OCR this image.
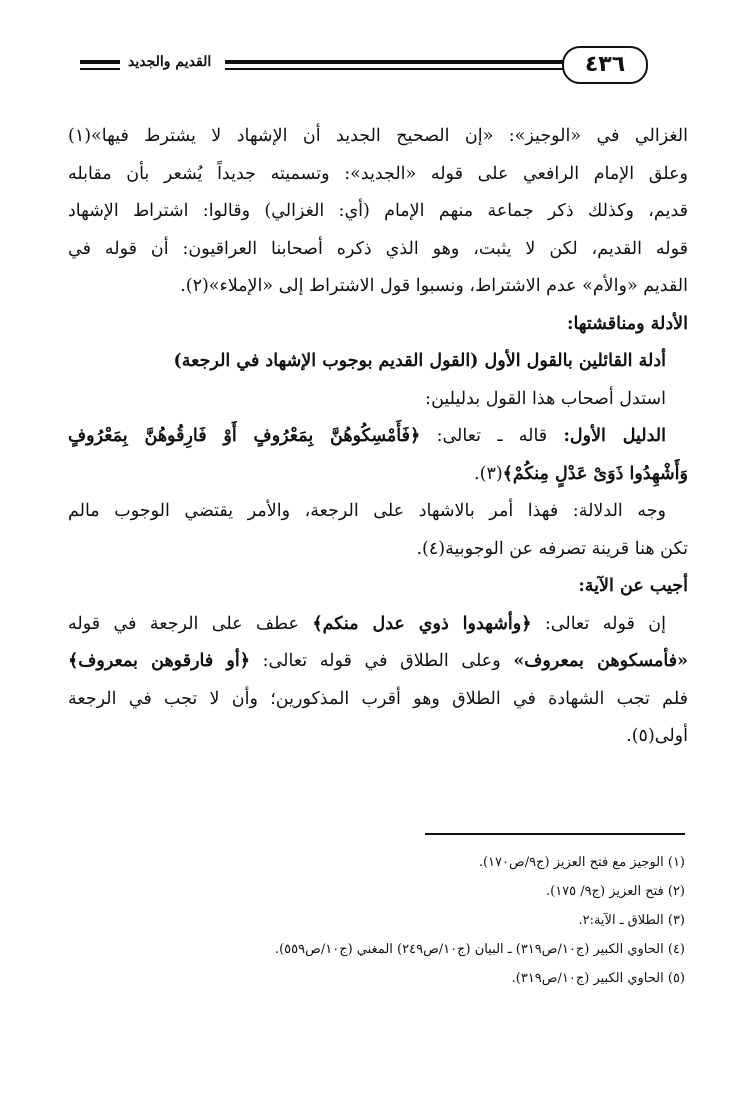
القديم والجديد	٤٣٦
الغزالي في «الوجيز»: «إن الصحيح الجديد أن الإشهاد لا يشترط فيها»(١)
وعلق الإمام الرافعي على قوله «الجديد»: وتسميته جديداً يُشعر بأن مقابله
قديم، وكذلك ذكر جماعة منهم الإمام (أي: الغزالي) وقالوا: اشتراط الإشهاد
قوله القديم، لكن لا يثبت، وهو الذي ذكره أصحابنا العراقيون: أن قوله في
القديم «والأم» عدم الاشتراط، ونسبوا قول الاشتراط إلى «الإملاء»(٢).
الأدلة ومناقشتها:
أدلة القائلين بالقول الأول (القول القديم بوجوب الإشهاد في الرجعة)
استدل أصحاب هذا القول بدليلين:
الدليل الأول: قاله ـ تعالى: ﴿فَأَمْسِكُوهُنَّ بِمَعْرُوفٍ أَوْ فَارِقُوهُنَّ بِمَعْرُوفٍ
وَأَشْهِدُوا ذَوَىْ عَدْلٍ مِنكُمْ﴾(٣).
وجه الدلالة: فهذا أمر بالاشهاد على الرجعة، والأمر يقتضي الوجوب مالم
تكن هنا قرينة تصرفه عن الوجوبية(٤).
أجيب عن الآية:
إن قوله تعالى: ﴿وأشهدوا ذوي عدل منكم﴾ عطف على الرجعة في قوله
«فأمسكوهن بمعروف» وعلى الطلاق في قوله تعالى: ﴿أو فارقوهن بمعروف﴾
فلم تجب الشهادة في الطلاق وهو أقرب المذكورين؛ وأن لا تجب في الرجعة
أولى(٥).
(١) الوجيز مع فتح العزيز (ج٩/ص١٧٠).
(٢) فتح العزيز (ج٩/ ١٧٥).
(٣) الطلاق ـ الآية:٢.
(٤) الحاوي الكبير (ج١٠/ص٣١٩) ـ البيان (ج١٠/ص٢٤٩) المغني (ج١٠/ص٥٥٩).
(٥) الحاوي الكبير (ج١٠/ص٣١٩).
